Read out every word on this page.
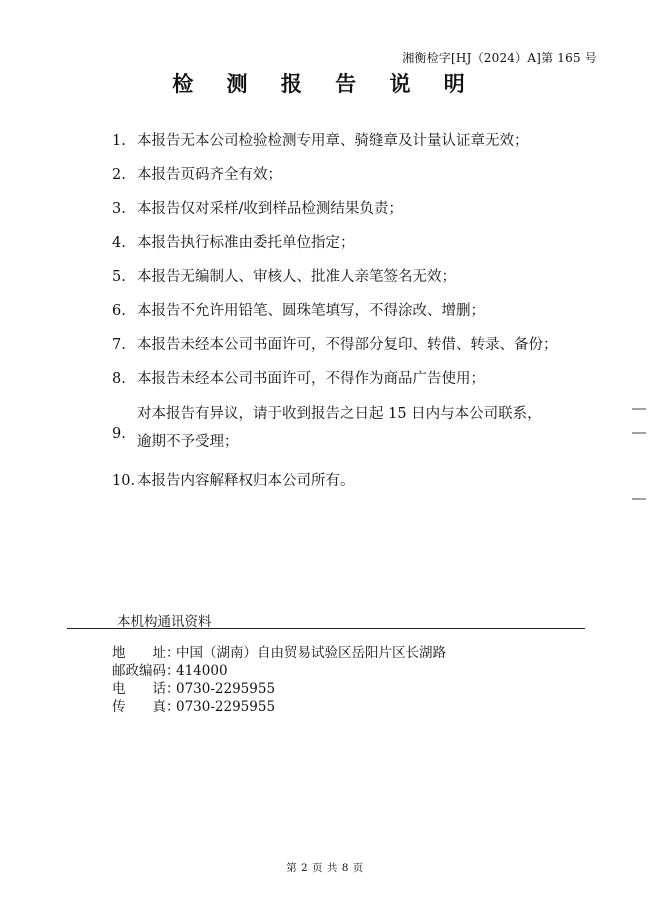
湘衡检字[HJ（2024）A]第 165 号
检 测 报 告 说 明
1. 本报告无本公司检验检测专用章、骑缝章及计量认证章无效；
2. 本报告页码齐全有效；
3. 本报告仅对采样/收到样品检测结果负责；
4. 本报告执行标准由委托单位指定；
5. 本报告无编制人、审核人、批准人亲笔签名无效；
6. 本报告不允许用铅笔、圆珠笔填写，不得涂改、增删；
7. 本报告未经本公司书面许可，不得部分复印、转借、转录、备份；
8. 本报告未经本公司书面许可，不得作为商品广告使用；
9.
对本报告有异议，请于收到报告之日起 15 日内与本公司联系，逾期不予受理；
10. 本报告内容解释权归本公司所有。
本机构通讯资料
地　　址：中国（湖南）自由贸易试验区岳阳片区长湖路
邮政编码：414000
电　　话：0730-2295955
传　　真：0730-2295955
第 2 页 共 8 页
